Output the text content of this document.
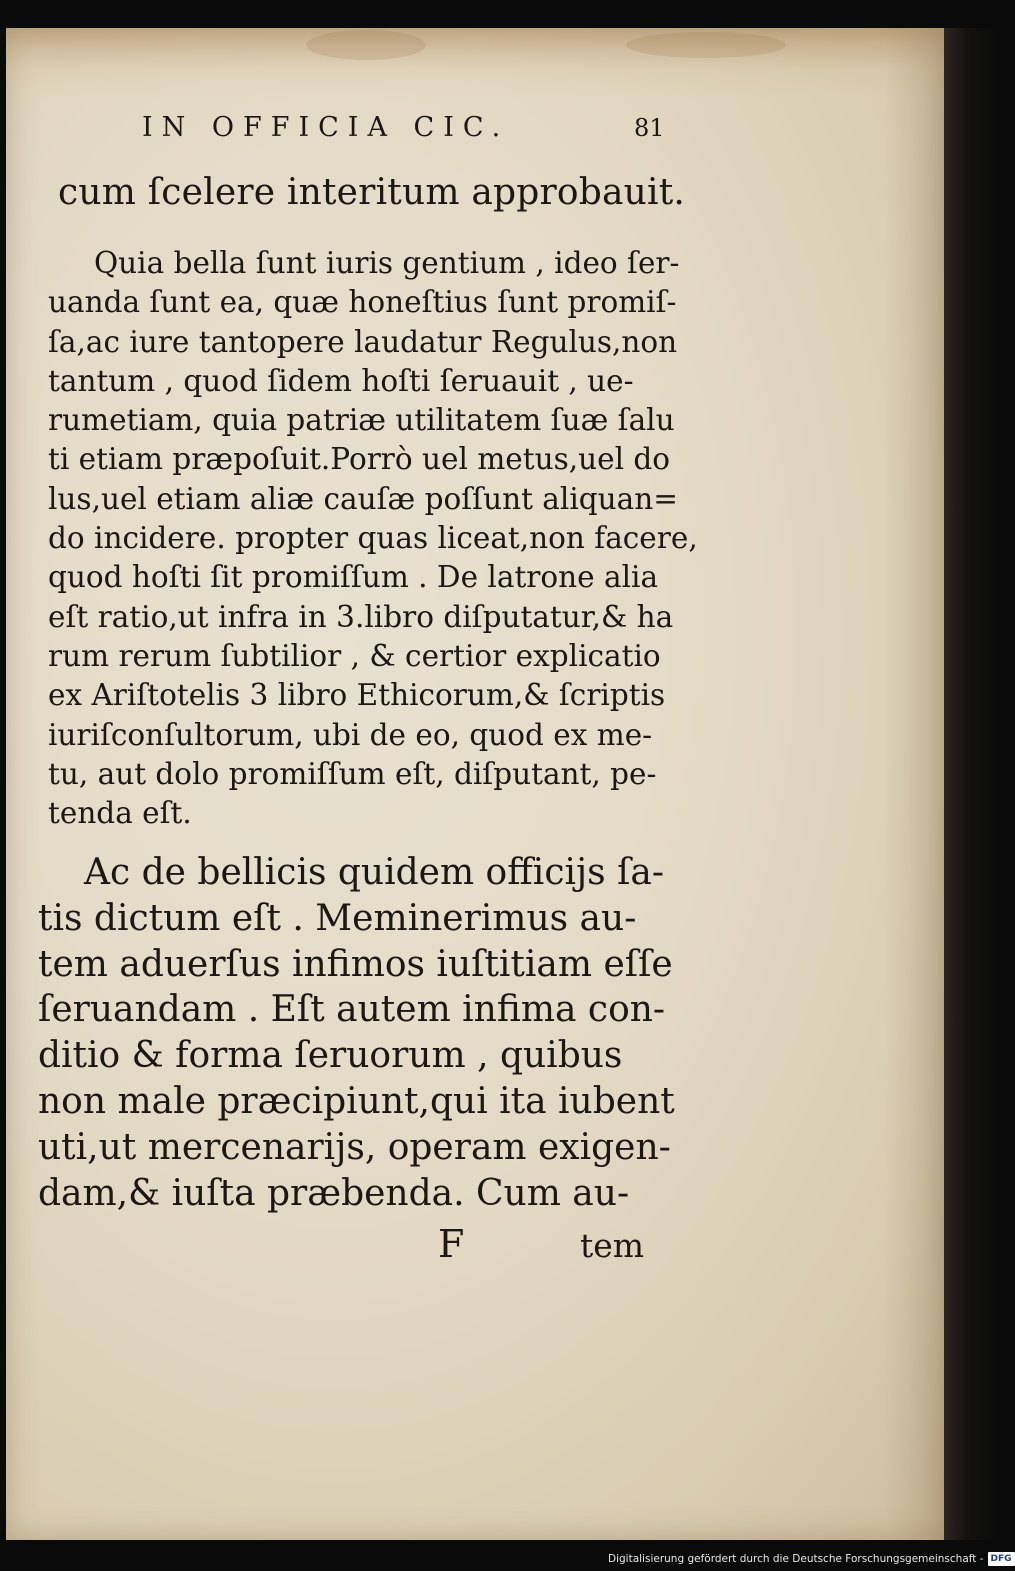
IN OFFICIA CIC.	81
cum ſcelere interitum approbauit.
Quia bella ſunt iuris gentium , ideo ſer-
uanda ſunt ea, quæ honeſtius ſunt promiſ-
ſa,ac iure tantopere laudatur Regulus,non
tantum , quod ſidem hoſti ſeruauit , ue-
rumetiam, quia patriæ utilitatem ſuæ ſalu
ti etiam præpoſuit.Porrò uel metus,uel do
lus,uel etiam aliæ cauſæ poſſunt aliquan=
do incidere. propter quas liceat,non facere,
quod hoſti ſit promiſſum . De latrone alia
eſt ratio,ut infra in 3.libro diſputatur,& ha
rum rerum ſubtilior , & certior explicatio
ex Ariſtotelis 3 libro Ethicorum,& ſcriptis
iuriſconſultorum, ubi de eo, quod ex me-
tu, aut dolo promiſſum eſt, diſputant, pe-
tenda eſt.
Ac de bellicis quidem officijs ſa-
tis dictum eſt . Meminerimus au-
tem aduerſus infimos iuſtitiam eſſe
ſeruandam . Eſt autem infima con-
ditio & forma ſeruorum , quibus
non male præcipiunt,qui ita iubent
uti,ut mercenarijs, operam exigen-
dam,& iuſta præbenda. Cum au-
F	tem
Digitalisierung gefördert durch die Deutsche Forschungsgemeinschaft - DFG
